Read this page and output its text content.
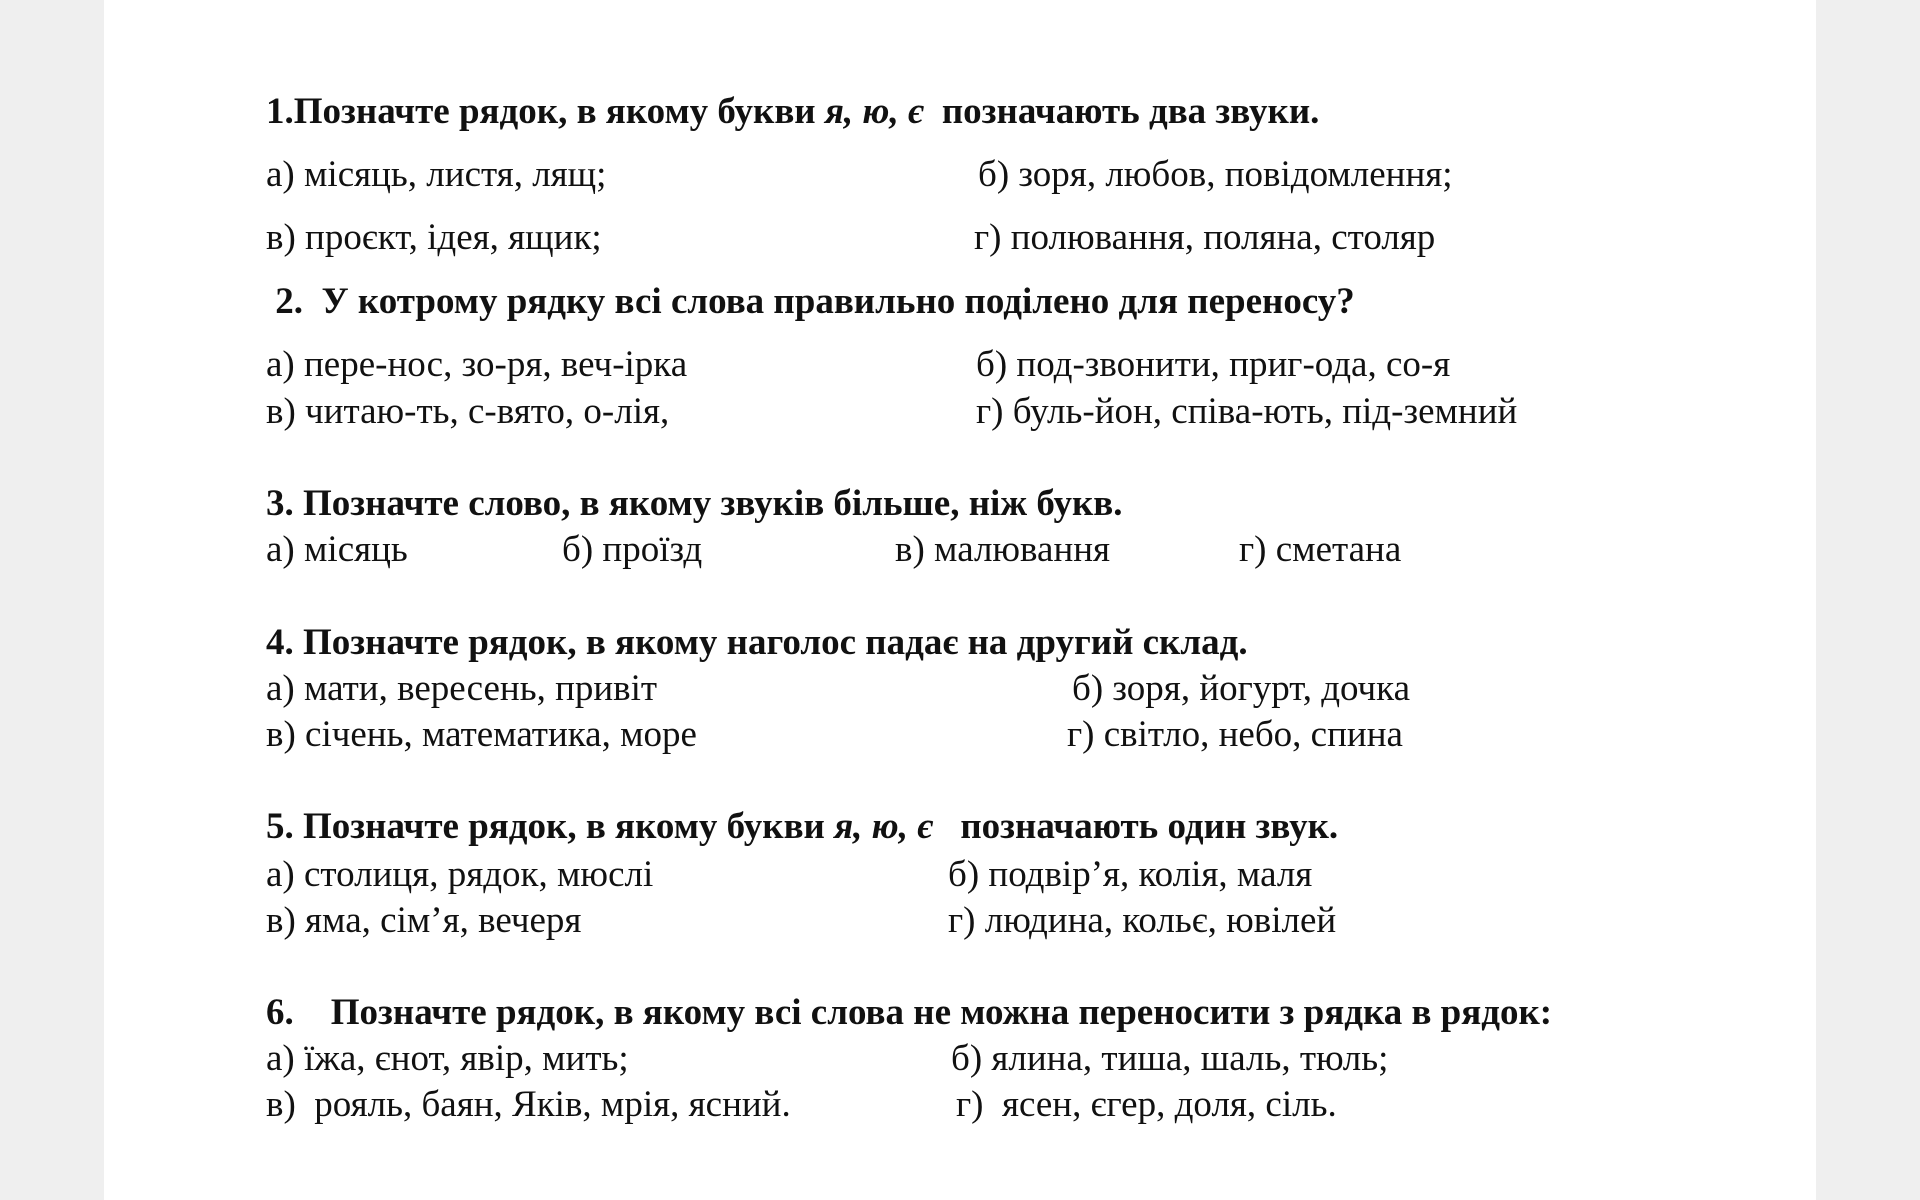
1.Позначте рядок, в якому букви я, ю, є  позначають два звуки.
а) місяць, листя, лящ;	б) зоря, любов, повідомлення;
в) проєкт, ідея, ящик;	г) полювання, поляна, столяр
2.  У котрому рядку всі слова правильно поділено для переносу?
а) пере-нос, зо-ря, веч-ірка	б) под-звонити, приг-ода, со-я
в) читаю-ть, с-вято, о-лія,	г) буль-йон, співа-ють, під-земний
3. Позначте слово, в якому звуків більше, ніж букв.
а) місяць	б) проїзд	в) малювання	г) сметана
4. Позначте рядок, в якому наголос падає на другий склад.
а) мати, вересень, привіт	б) зоря, йогурт, дочка
в) січень, математика, море	г) світло, небо, спина
5. Позначте рядок, в якому букви я, ю, є   позначають один звук.
а) столиця, рядок, мюслі	б) подвір’я, колія, маля
в) яма, сім’я, вечеря	г) людина, кольє, ювілей
6.    Позначте рядок, в якому всі слова не можна переносити з рядка в рядок:
а) їжа, єнот, явір, мить;	б) ялина, тиша, шаль, тюль;
в)  рояль, баян, Яків, мрія, ясний.	г)  ясен, єгер, доля, сіль.
